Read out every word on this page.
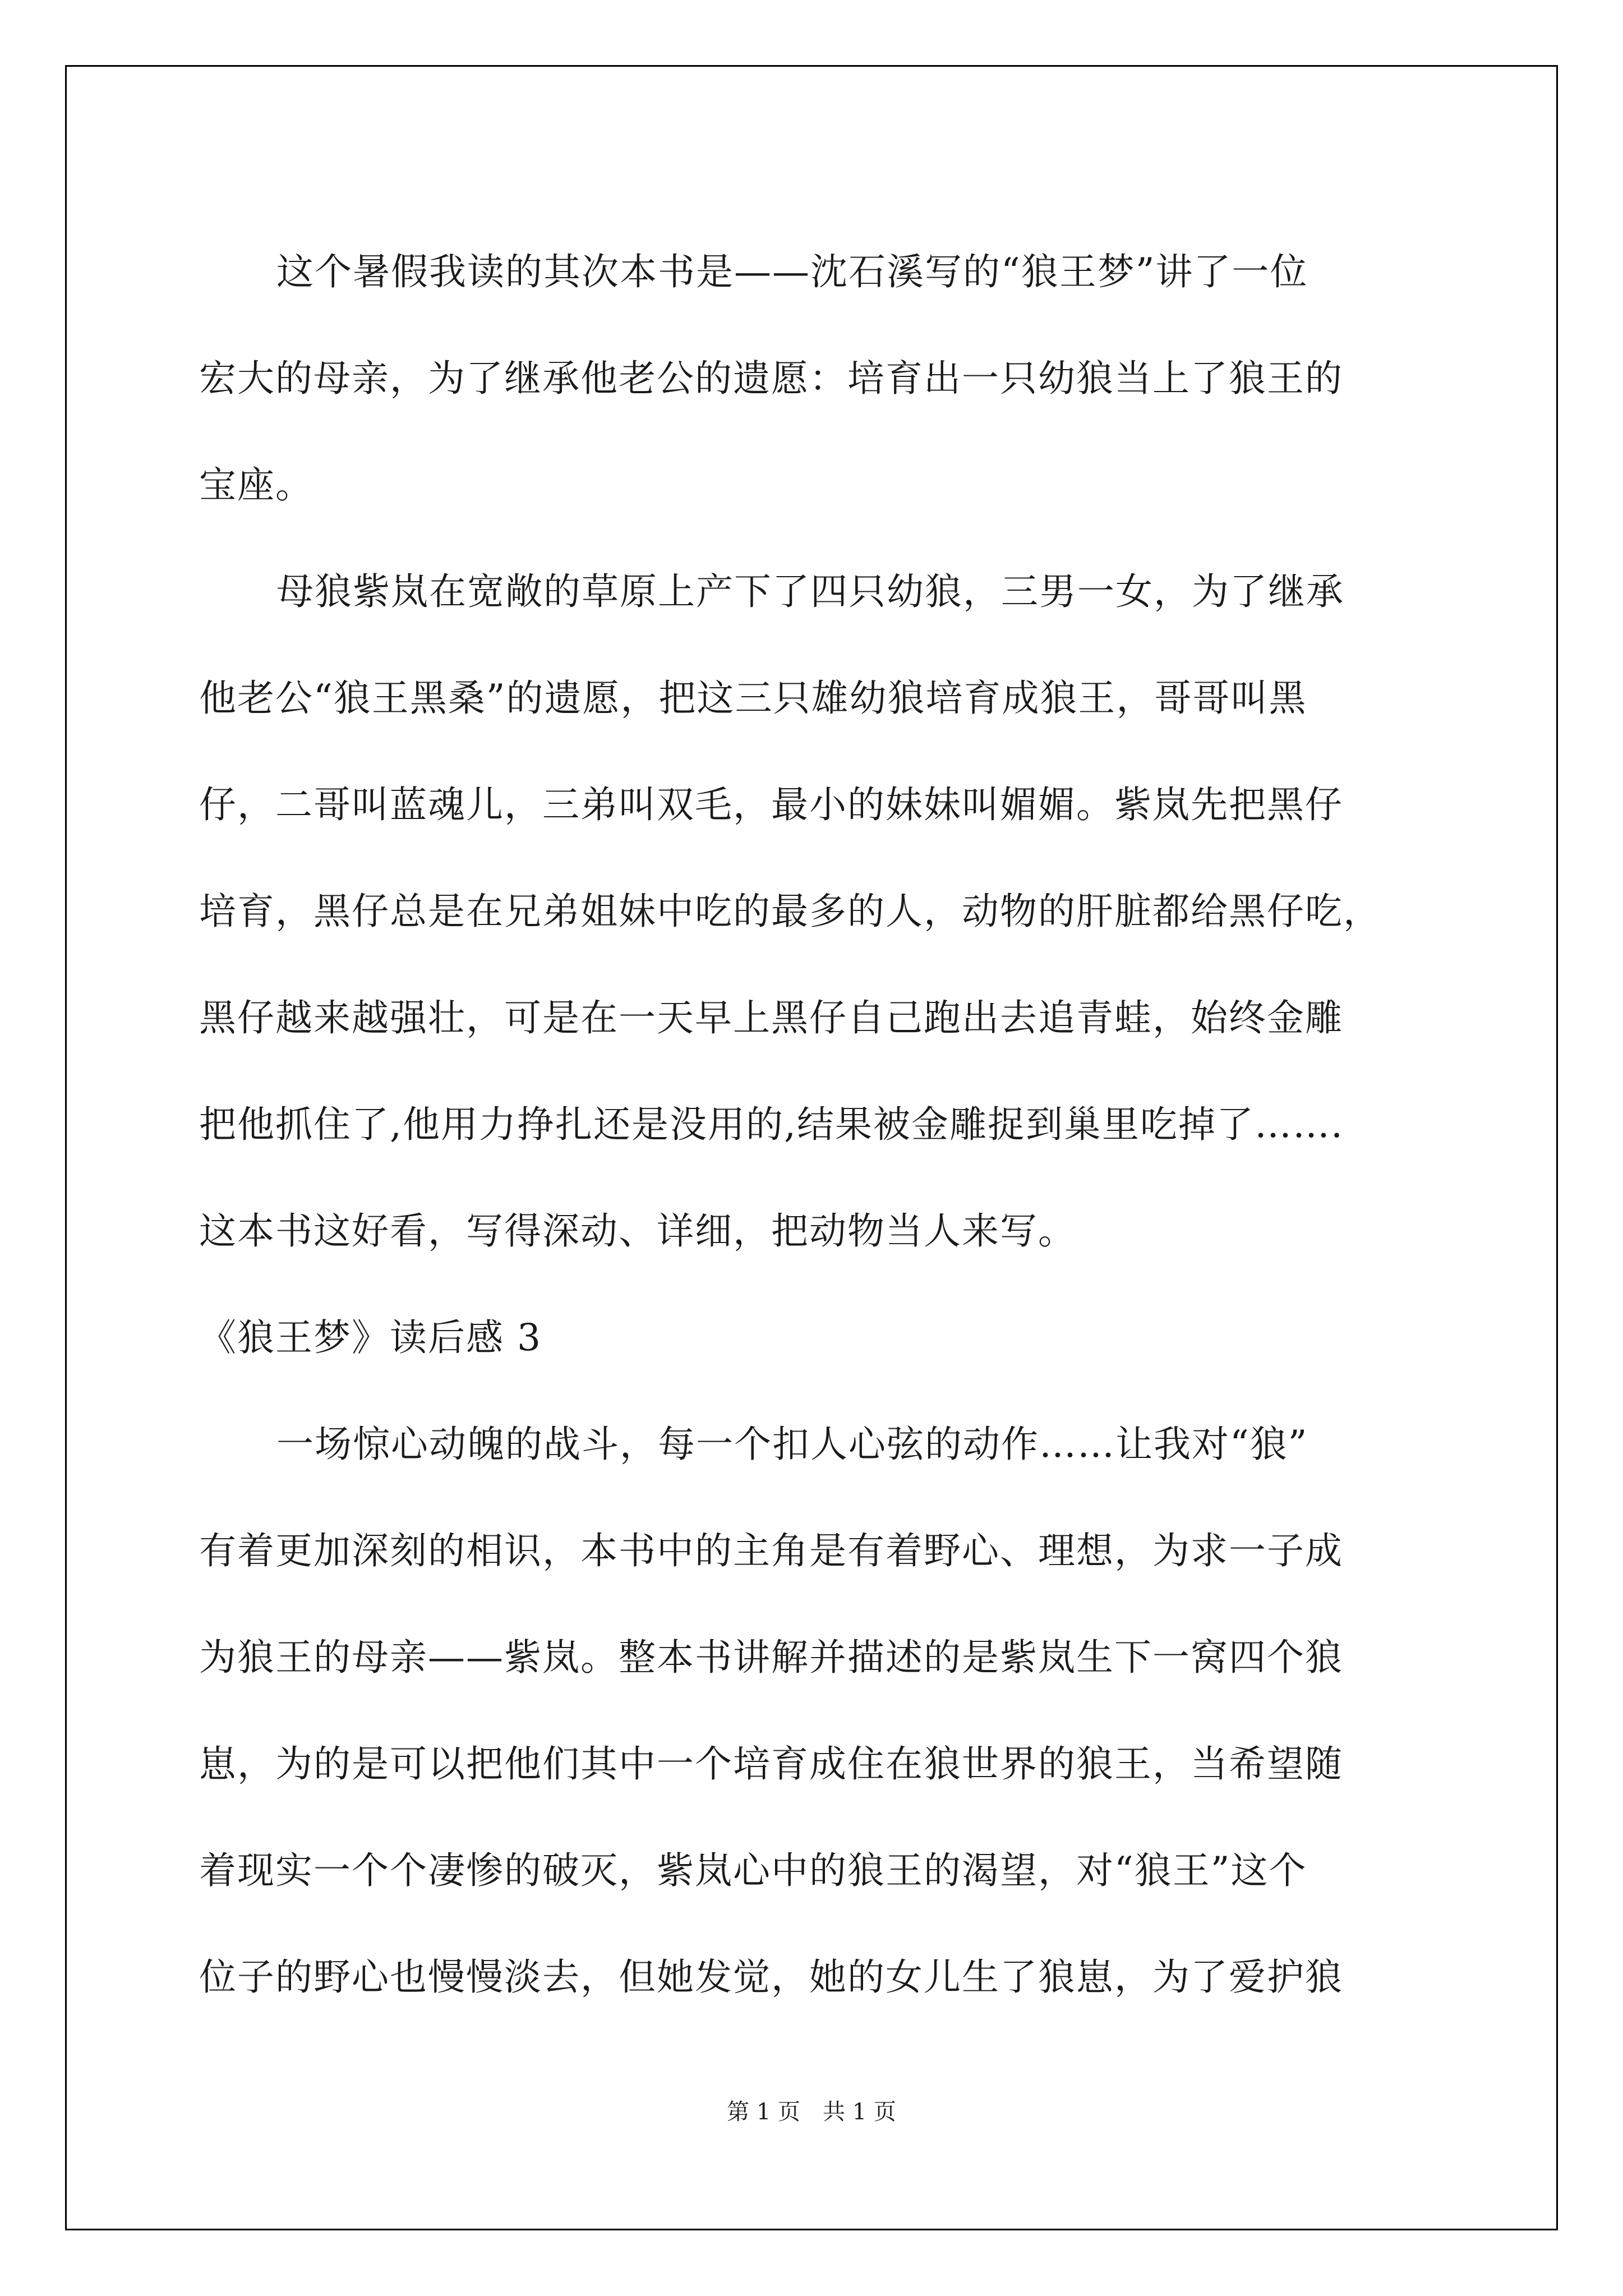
这个暑假我读的其次本书是——沈石溪写的“狼王梦”讲了一位
宏大的母亲，为了继承他老公的遗愿：培育出一只幼狼当上了狼王的
宝座。
母狼紫岚在宽敞的草原上产下了四只幼狼，三男一女，为了继承
他老公“狼王黑桑”的遗愿，把这三只雄幼狼培育成狼王，哥哥叫黑
仔，二哥叫蓝魂儿，三弟叫双毛，最小的妹妹叫媚媚。紫岚先把黑仔
培育，黑仔总是在兄弟姐妹中吃的最多的人，动物的肝脏都给黑仔吃，
黑仔越来越强壮，可是在一天早上黑仔自己跑出去追青蛙，始终金雕
把他抓住了,他用力挣扎还是没用的,结果被金雕捉到巢里吃掉了…….
这本书这好看，写得深动、详细，把动物当人来写。
《狼王梦》读后感 3
一场惊心动魄的战斗，每一个扣人心弦的动作……让我对“狼”
有着更加深刻的相识，本书中的主角是有着野心、理想，为求一子成
为狼王的母亲——紫岚。整本书讲解并描述的是紫岚生下一窝四个狼
崽，为的是可以把他们其中一个培育成住在狼世界的狼王，当希望随
着现实一个个凄惨的破灭，紫岚心中的狼王的渴望，对“狼王”这个
位子的野心也慢慢淡去，但她发觉，她的女儿生了狼崽，为了爱护狼
第 1 页　共 1 页
